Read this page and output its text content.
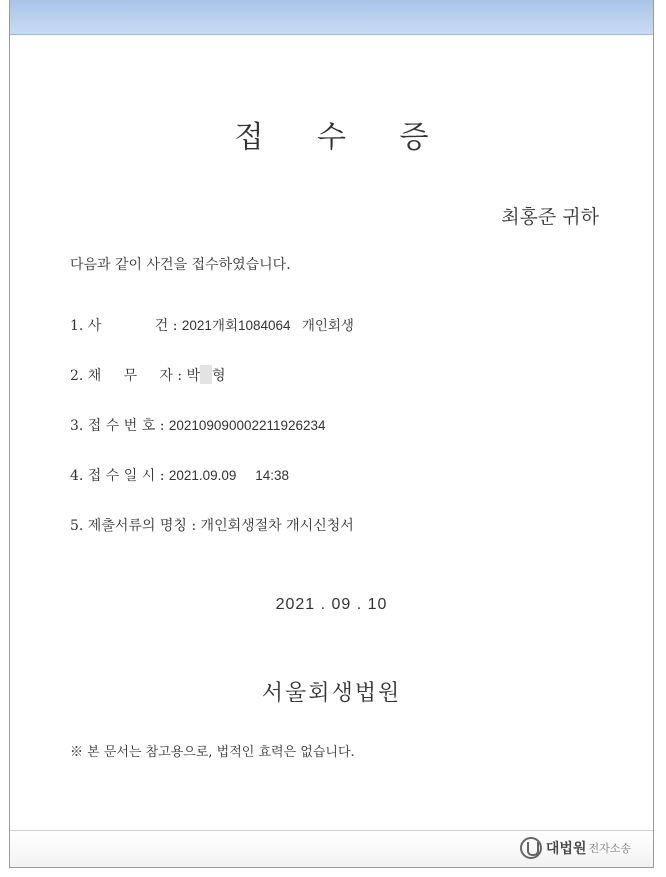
접 수 증
최홍준 귀하
다음과 같이 사건을 접수하였습니다.
1. 사            건 : 2021개회1084064   개인회생
2. 채     무     자 : 박 형
3. 접 수 번 호 : 202109090002211926234
4. 접 수 일 시 : 2021.09.09     14:38
5. 제출서류의 명칭 : 개인회생절차 개시신청서
2021 . 09 . 10
서울회생법원
※ 본 문서는 참고용으로, 법적인 효력은 없습니다.
대법원 전자소송
